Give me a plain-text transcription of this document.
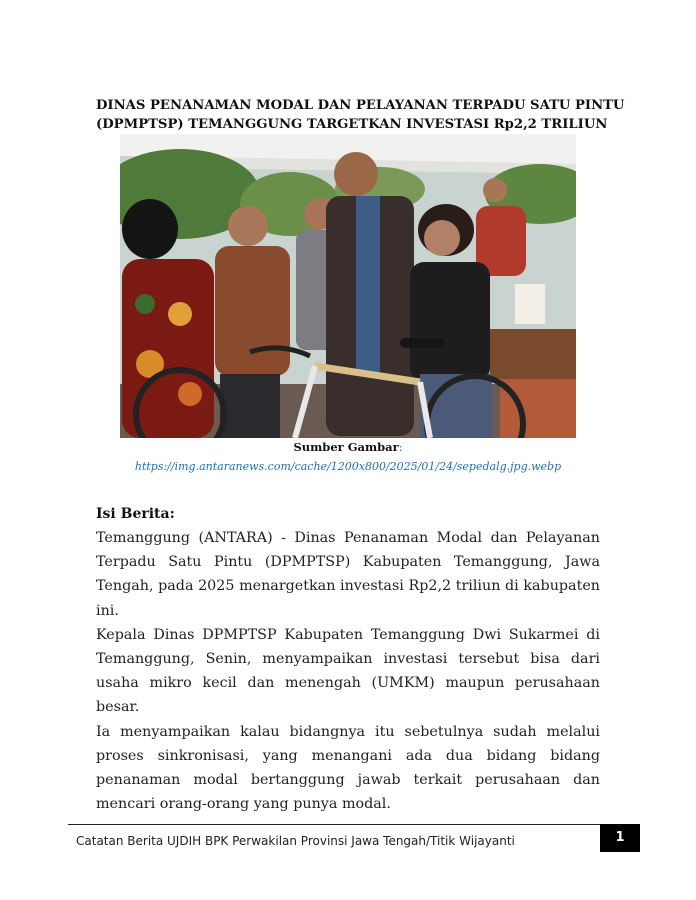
DINAS PENANAMAN MODAL DAN PELAYANAN TERPADU SATU PINTU
(DPMPTSP) TEMANGGUNG TARGETKAN INVESTASI Rp2,2 TRILIUN
Sumber Gambar:
https://img.antaranews.com/cache/1200x800/2025/01/24/sepedalg.jpg.webp
Isi Berita:

Temanggung (ANTARA) - Dinas Penanaman Modal dan Pelayanan Terpadu Satu Pintu (DPMPTSP) Kabupaten Temanggung, Jawa Tengah, pada 2025 menargetkan investasi Rp2,2 triliun di kabupaten ini.

Kepala Dinas DPMPTSP Kabupaten Temanggung Dwi Sukarmei di Temanggung, Senin, menyampaikan investasi tersebut bisa dari usaha mikro kecil dan menengah (UMKM) maupun perusahaan besar.

Ia menyampaikan kalau bidangnya itu sebetulnya sudah melalui proses sinkronisasi, yang menangani ada dua bidang bidang penanaman modal bertanggung jawab terkait perusahaan dan mencari orang-orang yang punya modal.

Catatan Berita UJDIH BPK Perwakilan Provinsi Jawa Tengah/Titik Wijayanti	1
